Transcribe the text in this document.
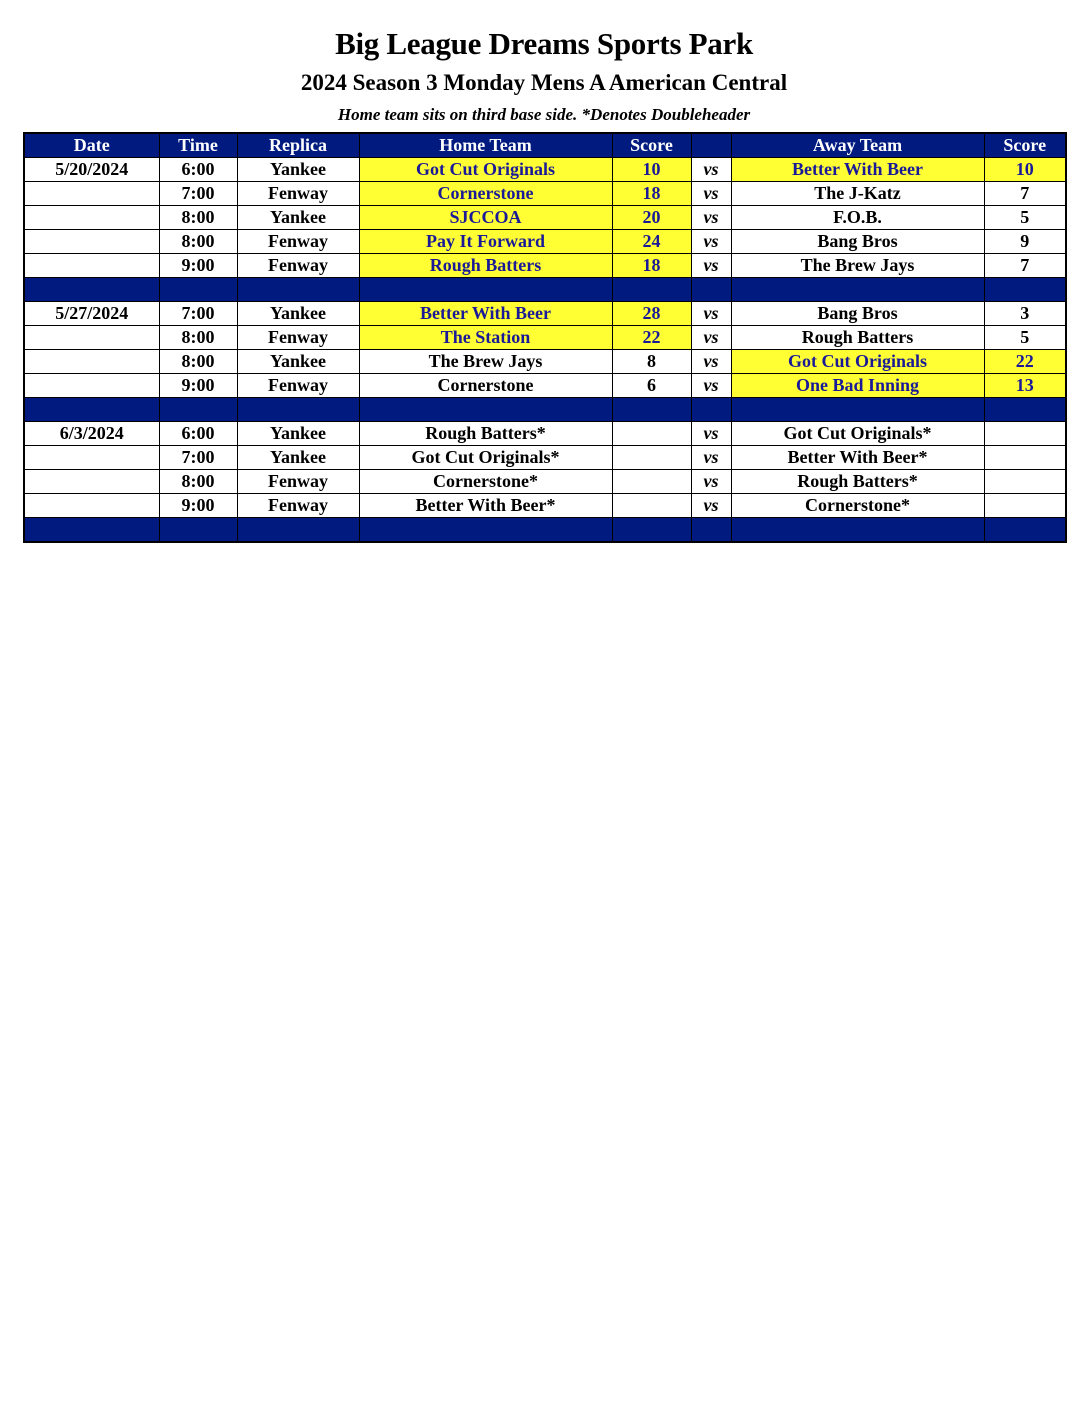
Big League Dreams Sports Park
2024 Season 3 Monday Mens A American Central
Home team sits on third base side. *Denotes Doubleheader
Date	Time	Replica	Home Team	Score		Away Team	Score
5/20/2024	6:00	Yankee	Got Cut Originals	10	vs	Better With Beer	10
	7:00	Fenway	Cornerstone	18	vs	The J-Katz	7
	8:00	Yankee	SJCCOA	20	vs	F.O.B.	5
	8:00	Fenway	Pay It Forward	24	vs	Bang Bros	9
	9:00	Fenway	Rough Batters	18	vs	The Brew Jays	7

5/27/2024	7:00	Yankee	Better With Beer	28	vs	Bang Bros	3
	8:00	Fenway	The Station	22	vs	Rough Batters	5
	8:00	Yankee	The Brew Jays	8	vs	Got Cut Originals	22
	9:00	Fenway	Cornerstone	6	vs	One Bad Inning	13

6/3/2024	6:00	Yankee	Rough Batters*		vs	Got Cut Originals*	
	7:00	Yankee	Got Cut Originals*		vs	Better With Beer*	
	8:00	Fenway	Cornerstone*		vs	Rough Batters*	
	9:00	Fenway	Better With Beer*		vs	Cornerstone*	
